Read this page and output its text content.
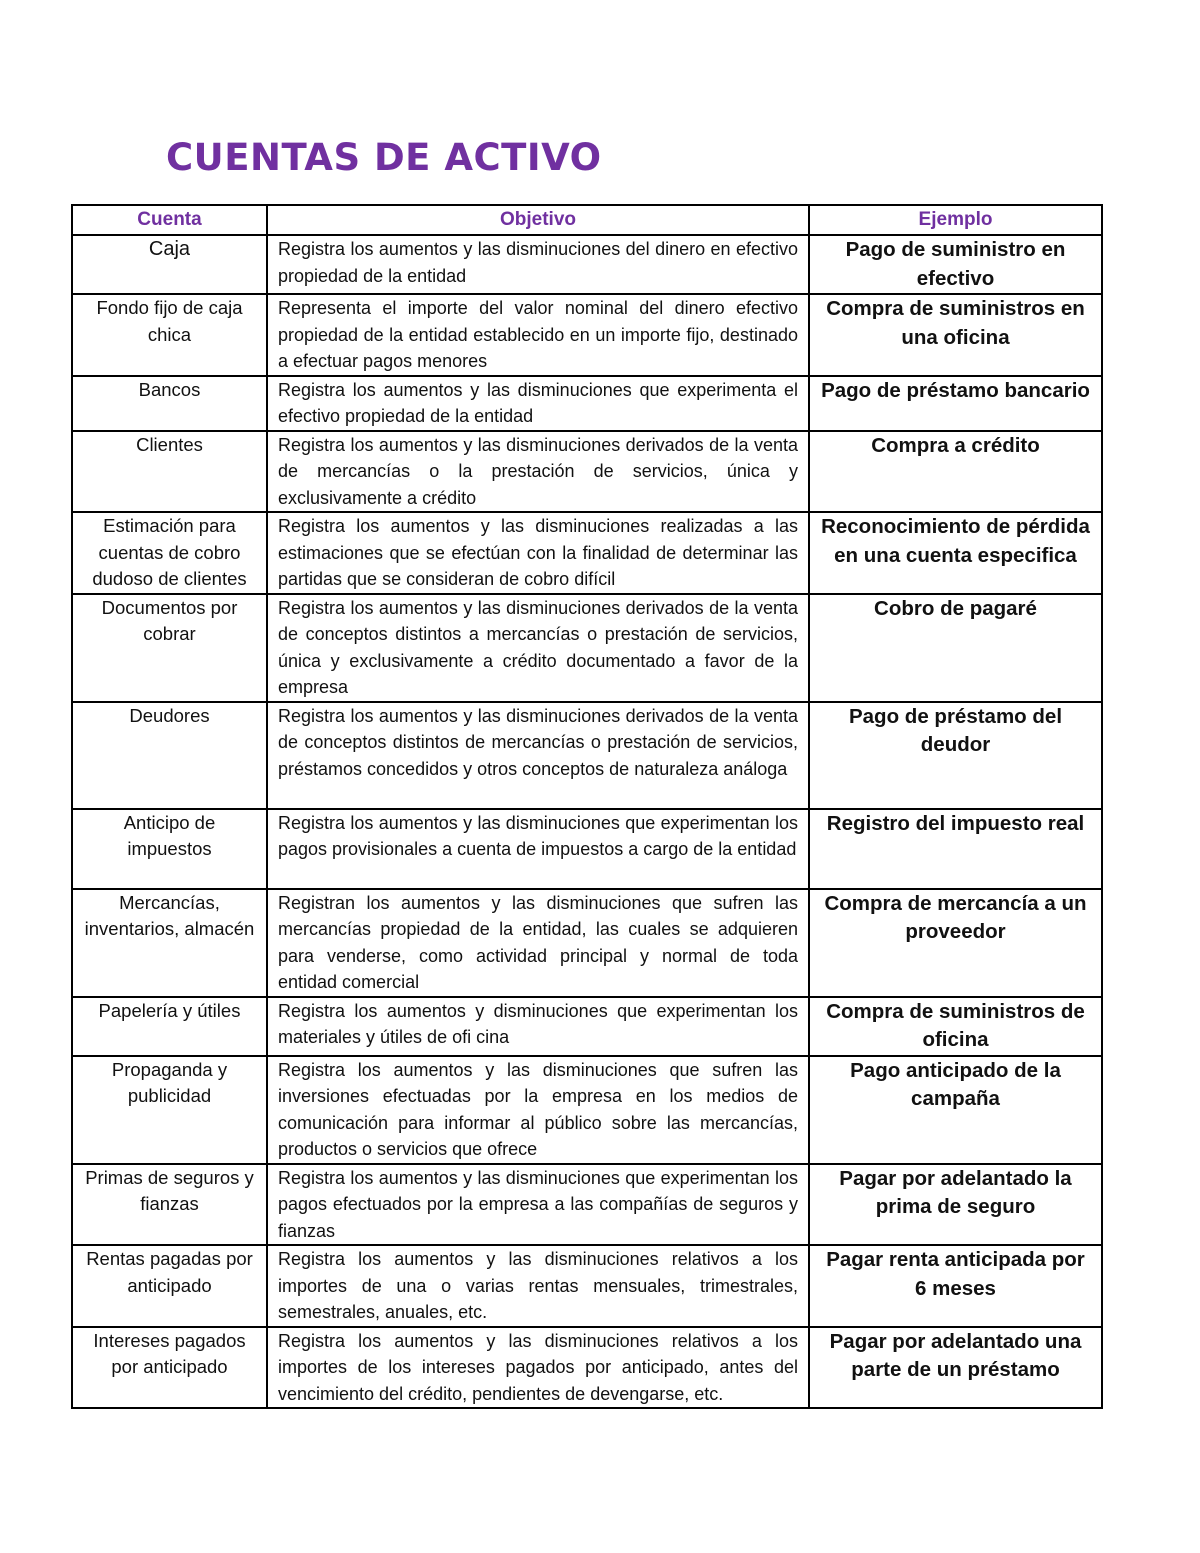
CUENTAS DE ACTIVO
Cuenta	Objetivo	Ejemplo
Caja	Registra los aumentos y las disminuciones del dinero en efectivo propiedad de la entidad	Pago de suministro en efectivo
Fondo fijo de caja chica	Representa el importe del valor nominal del dinero efectivo propiedad de la entidad establecido en un importe fijo, destinado a efectuar pagos menores	Compra de suministros en una oficina
Bancos	Registra los aumentos y las disminuciones que experimenta el efectivo propiedad de la entidad	Pago de préstamo bancario
Clientes	Registra los aumentos y las disminuciones derivados de la venta de mercancías o la prestación de servicios, única y exclusivamente a crédito	Compra a crédito
Estimación para cuentas de cobro dudoso de clientes	Registra los aumentos y las disminuciones realizadas a las estimaciones que se efectúan con la finalidad de determinar las partidas que se consideran de cobro difícil	Reconocimiento de pérdida en una cuenta especifica
Documentos por cobrar	Registra los aumentos y las disminuciones derivados de la venta de conceptos distintos a mercancías o prestación de servicios, única y exclusivamente a crédito documentado a favor de la empresa	Cobro de pagaré
Deudores	Registra los aumentos y las disminuciones derivados de la venta de conceptos distintos de mercancías o prestación de servicios, préstamos concedidos y otros conceptos de naturaleza análoga	Pago de préstamo del deudor
Anticipo de impuestos	Registra los aumentos y las disminuciones que experimentan los pagos provisionales a cuenta de impuestos a cargo de la entidad	Registro del impuesto real
Mercancías, inventarios, almacén	Registran los aumentos y las disminuciones que sufren las mercancías propiedad de la entidad, las cuales se adquieren para venderse, como actividad principal y normal de toda entidad comercial	Compra de mercancía a un proveedor
Papelería y útiles	Registra los aumentos y disminuciones que experimentan los materiales y útiles de ofi cina	Compra de suministros de oficina
Propaganda y publicidad	Registra los aumentos y las disminuciones que sufren las inversiones efectuadas por la empresa en los medios de comunicación para informar al público sobre las mercancías, productos o servicios que ofrece	Pago anticipado de la campaña
Primas de seguros y fianzas	Registra los aumentos y las disminuciones que experimentan los pagos efectuados por la empresa a las compañías de seguros y fianzas	Pagar por adelantado la prima de seguro
Rentas pagadas por anticipado	Registra los aumentos y las disminuciones relativos a los importes de una o varias rentas mensuales, trimestrales, semestrales, anuales, etc.	Pagar renta anticipada por 6 meses
Intereses pagados por anticipado	Registra los aumentos y las disminuciones relativos a los importes de los intereses pagados por anticipado, antes del vencimiento del crédito, pendientes de devengarse, etc.	Pagar por adelantado una parte de un préstamo
